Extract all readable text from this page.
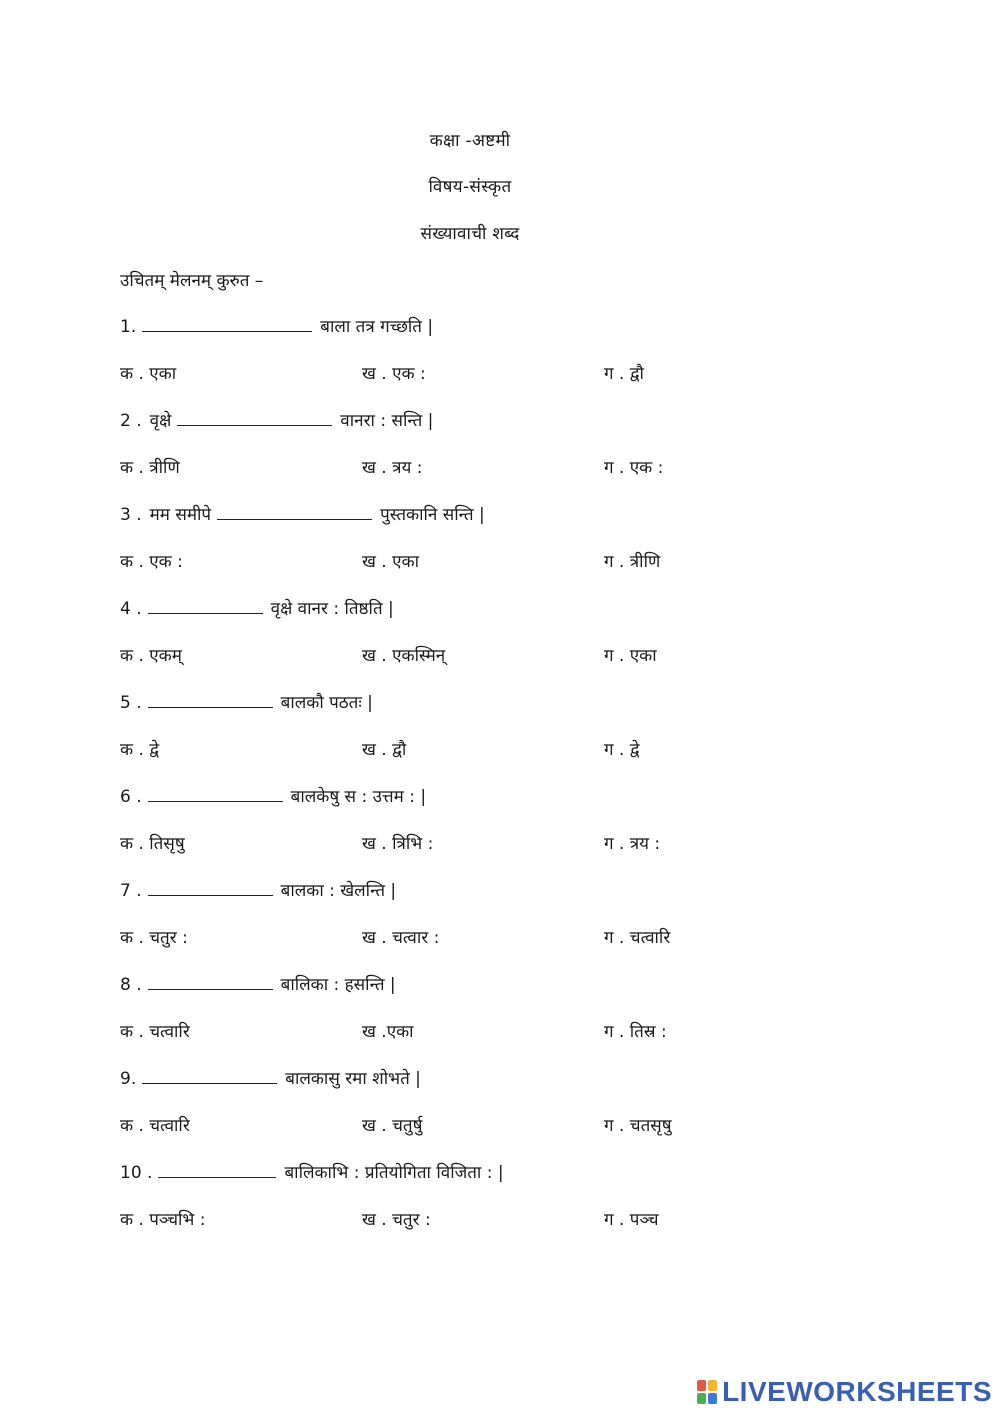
कक्षा -अष्टमी
विषय-संस्कृत
संख्यावाची शब्द
उचितम् मेलनम् कुरुत –
1.	बाला तत्र गच्छति |
क . एका	ख . एक :	ग . द्वौ
2 . वृक्षे	वानरा : सन्ति |
क . त्रीणि	ख . त्रय :	ग . एक :
3 . मम समीपे	पुस्तकानि सन्ति |
क . एक :	ख . एका	ग . त्रीणि
4 .	वृक्षे वानर : तिष्ठति |
क . एकम्	ख . एकस्मिन्	ग . एका
5 .	बालकौ पठतः |
क . द्वे	ख . द्वौ	ग . द्वे
6 .	बालकेषु स : उत्तम : |
क . तिसृषु	ख . त्रिभि :	ग . त्रय :
7 .	बालका : खेलन्ति |
क . चतुर :	ख . चत्वार :	ग . चत्वारि
8 .	बालिका : हसन्ति |
क . चत्वारि	ख .एका	ग . तिस्र :
9.	बालकासु रमा शोभते |
क . चत्वारि	ख . चतुर्षु	ग . चतसृषु
10 .	बालिकाभि : प्रतियोगिता विजिता : |
क . पञ्चभि :	ख . चतुर :	ग . पञ्च
LIVEWORKSHEETS
